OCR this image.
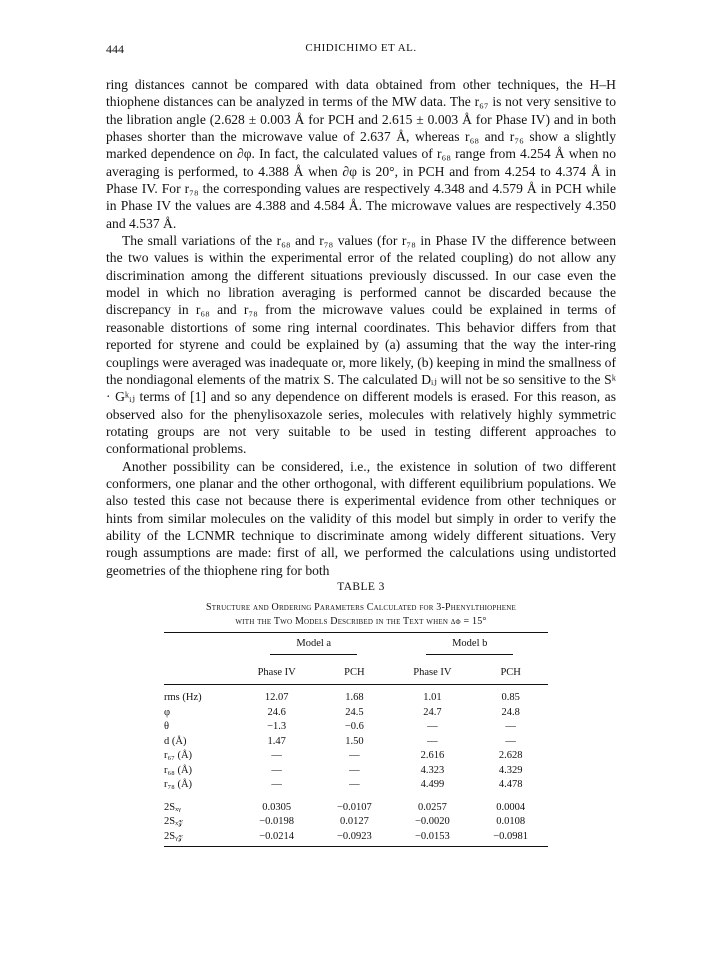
444	CHIDICHIMO ET AL.

ring distances cannot be compared with data obtained from other techniques, the H–H thiophene distances can be analyzed in terms of the MW data. The r₆₇ is not very sensitive to the libration angle (2.628 ± 0.003 Å for PCH and 2.615 ± 0.003 Å for Phase IV) and in both phases shorter than the microwave value of 2.637 Å, whereas r₆₈ and r₇₆ show a slightly marked dependence on ∂φ. In fact, the calculated values of r₆₈ range from 4.254 Å when no averaging is performed, to 4.388 Å when ∂φ is 20°, in PCH and from 4.254 to 4.374 Å in Phase IV. For r₇₈ the corresponding values are respectively 4.348 and 4.579 Å in PCH while in Phase IV the values are 4.388 and 4.584 Å. The microwave values are respectively 4.350 and 4.537 Å.

The small variations of the r₆₈ and r₇₈ values (for r₇₈ in Phase IV the difference between the two values is within the experimental error of the related coupling) do not allow any discrimination among the different situations previously discussed. In our case even the model in which no libration averaging is performed cannot be discarded because the discrepancy in r₆₈ and r₇₈ from the microwave values could be explained in terms of reasonable distortions of some ring internal coordinates. This behavior differs from that reported for styrene and could be explained by (a) assuming that the way the inter-ring couplings were averaged was inadequate or, more likely, (b) keeping in mind the smallness of the nondiagonal elements of the matrix S. The calculated Dᵢⱼ will not be so sensitive to the Sᵏ · Gᵏᵢⱼ terms of [1] and so any dependence on different models is erased. For this reason, as observed also for the phenylisoxazole series, molecules with relatively highly symmetric rotating groups are not very suitable to be used in testing different approaches to conformational problems.

Another possibility can be considered, i.e., the existence in solution of two different conformers, one planar and the other orthogonal, with different equilibrium populations. We also tested this case not because there is experimental evidence from other techniques or hints from similar molecules on the validity of this model but simply in order to verify the ability of the LCNMR technique to discriminate among widely different situations. Very rough assumptions are made: first of all, we performed the calculations using undistorted geometries of the thiophene ring for both

TABLE 3
Structure and Ordering Parameters Calculated for 3-Phenylthiophene
with the Two Models Described in the Text when δφ = 15°
	Model a		Model b	
	Phase IV	PCH	Phase IV	PCH
rms (Hz)	12.07	1.68	1.01	0.85
φ	24.6	24.5	24.7	24.8
θ	−1.3	−0.6	—	—
d (Å)	1.47	1.50	—	—
r₆₇ (Å)	—	—	2.616	2.628
r₆₈ (Å)	—	—	4.323	4.329
r₇₈ (Å)	—	—	4.499	4.478

2Sₓᵧ	0.0305	−0.0107	0.0257	0.0004
2Sₓ𝓏	−0.0198	0.0127	−0.0020	0.0108
2Sᵧ𝓏	−0.0214	−0.0923	−0.0153	−0.0981
